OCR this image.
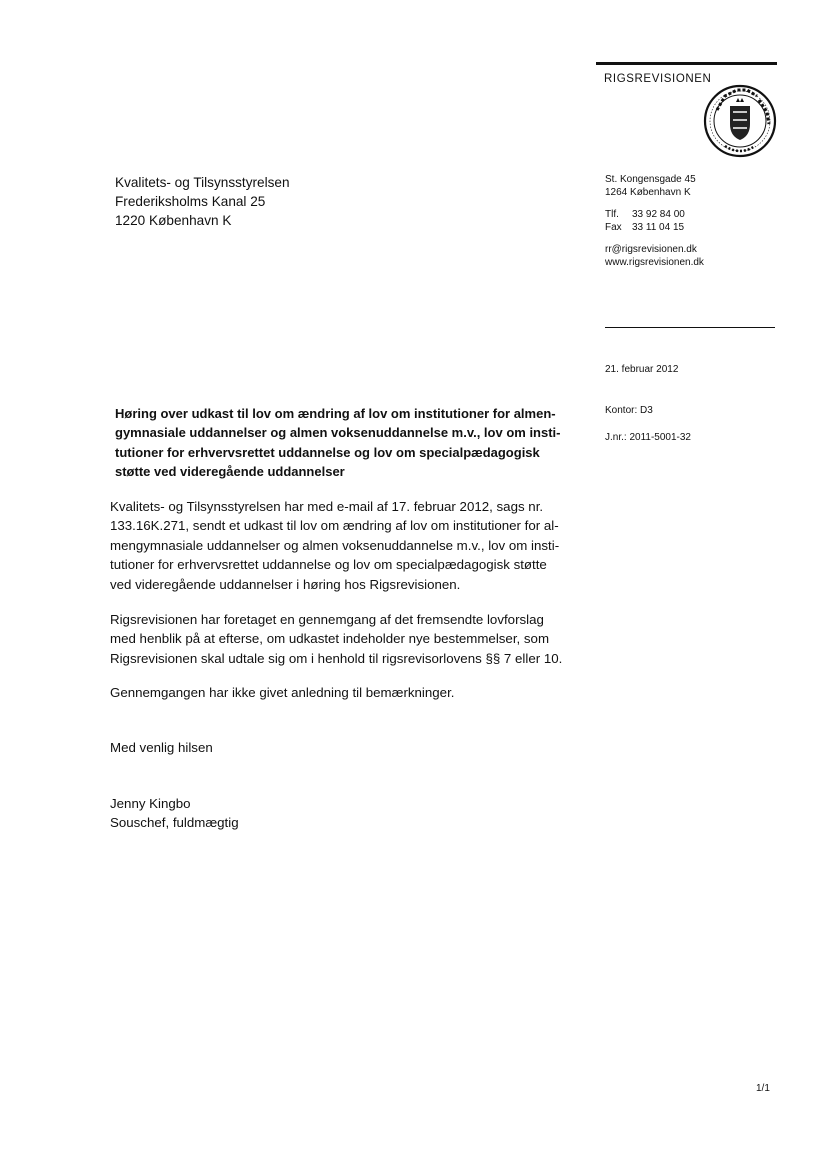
RIGSREVISIONEN
Kvalitets- og Tilsynsstyrelsen
Frederiksholms Kanal 25
1220 København K
St. Kongensgade 45
1264 København K
Tlf. 33 92 84 00
Fax 33 11 04 15
rr@rigsrevisionen.dk
www.rigsrevisionen.dk
21. februar 2012
Kontor: D3
J.nr.: 2011-5001-32
Høring over udkast til lov om ændring af lov om institutioner for almen-
gymnasiale uddannelser og almen voksenuddannelse m.v., lov om insti-
tutioner for erhvervsrettet uddannelse og lov om specialpædagogisk
støtte ved videregående uddannelser
Kvalitets- og Tilsynsstyrelsen har med e-mail af 17. februar 2012, sags nr.
133.16K.271, sendt et udkast til lov om ændring af lov om institutioner for al-
mengymnasiale uddannelser og almen voksenuddannelse m.v., lov om insti-
tutioner for erhvervsrettet uddannelse og lov om specialpædagogisk støtte
ved videregående uddannelser i høring hos Rigsrevisionen.
Rigsrevisionen har foretaget en gennemgang af det fremsendte lovforslag
med henblik på at efterse, om udkastet indeholder nye bestemmelser, som
Rigsrevisionen skal udtale sig om i henhold til rigsrevisorlovens §§ 7 eller 10.
Gennemgangen har ikke givet anledning til bemærkninger.
Med venlig hilsen
Jenny Kingbo
Souschef, fuldmægtig
1/1
